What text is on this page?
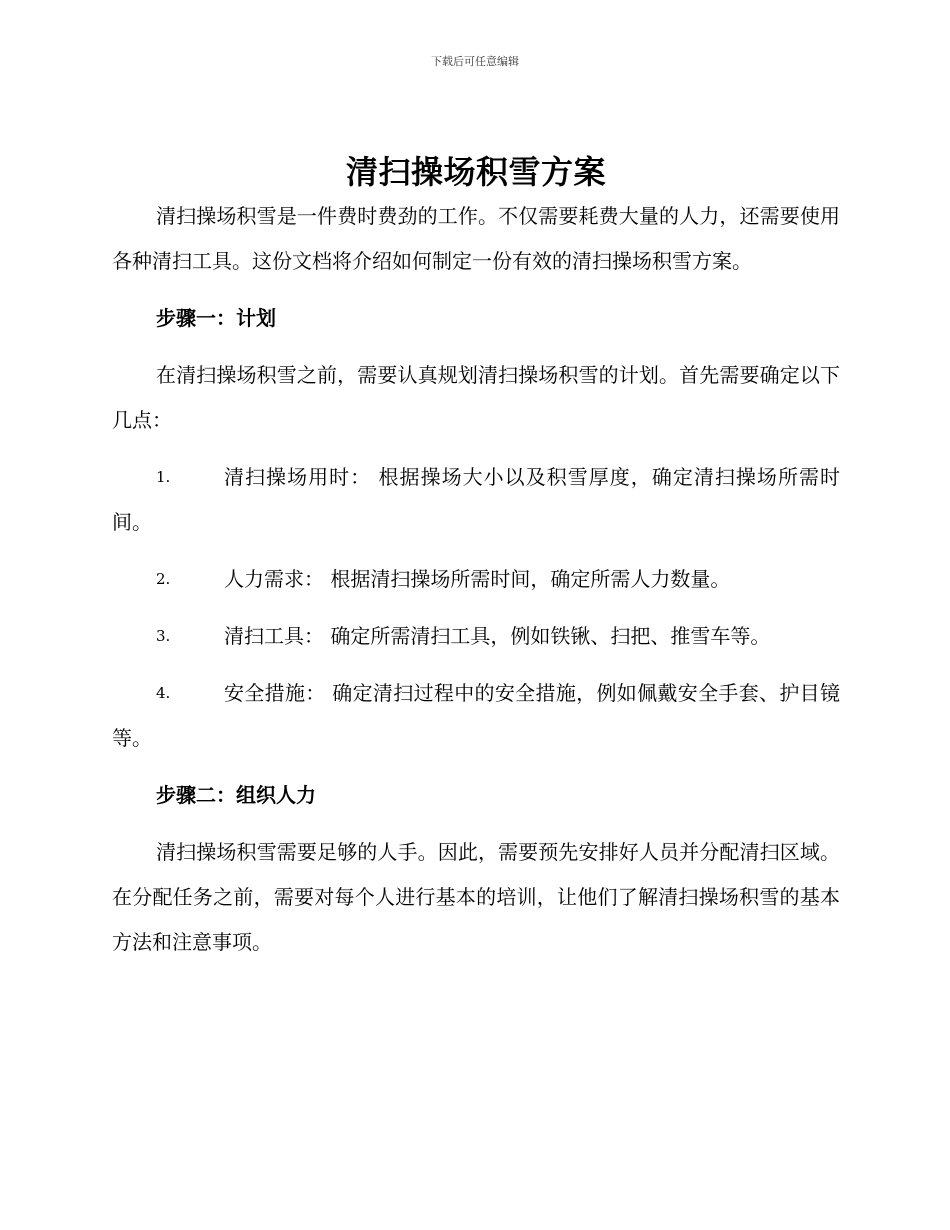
下载后可任意编辑
清扫操场积雪方案

清扫操场积雪是一件费时费劲的工作。不仅需要耗费大量的人力，还需要使用各种清扫工具。这份文档将介绍如何制定一份有效的清扫操场积雪方案。

步骤一：计划

在清扫操场积雪之前，需要认真规划清扫操场积雪的计划。首先需要确定以下几点：

1.	清扫操场用时： 根据操场大小以及积雪厚度，确定清扫操场所需时间。

2.	人力需求： 根据清扫操场所需时间，确定所需人力数量。

3.	清扫工具： 确定所需清扫工具，例如铁锹、扫把、推雪车等。

4.	安全措施： 确定清扫过程中的安全措施，例如佩戴安全手套、护目镜等。

步骤二：组织人力

清扫操场积雪需要足够的人手。因此，需要预先安排好人员并分配清扫区域。在分配任务之前，需要对每个人进行基本的培训，让他们了解清扫操场积雪的基本方法和注意事项。
